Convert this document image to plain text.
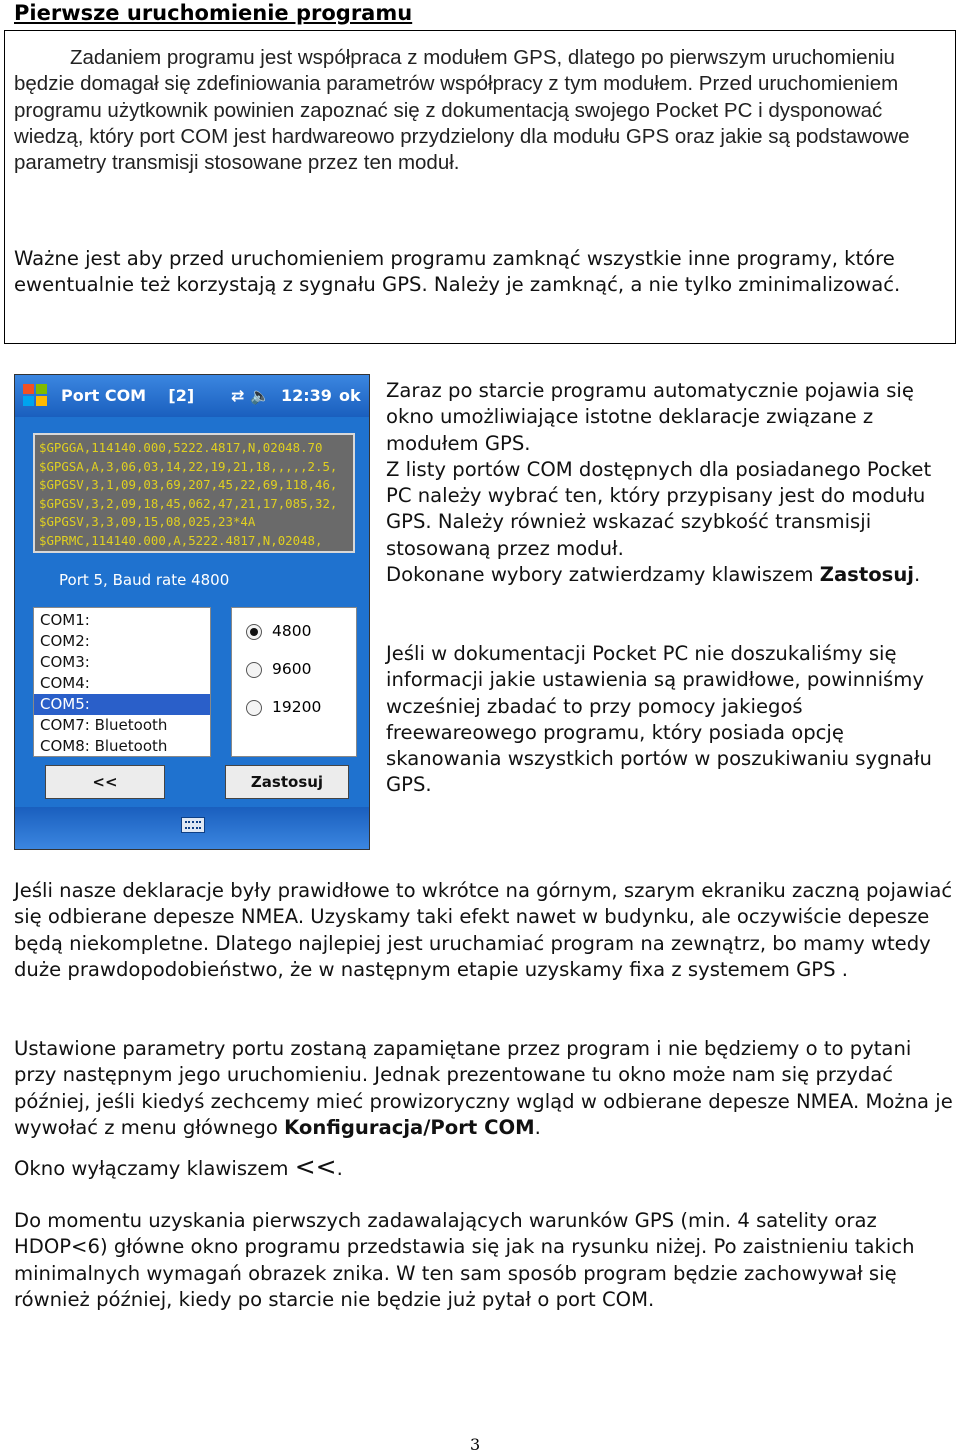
Pierwsze uruchomienie programu

Zadaniem programu jest współpraca z modułem GPS, dlatego po pierwszym uruchomieniu będzie domagał się zdefiniowania parametrów współpracy z tym modułem. Przed uruchomieniem programu użytkownik powinien zapoznać się z dokumentacją swojego Pocket PC i dysponować wiedzą, który port COM jest hardwareowo przydzielony dla modułu GPS oraz jakie są podstawowe parametry transmisji stosowane przez ten moduł.

Ważne jest aby przed uruchomieniem programu zamknąć wszystkie inne programy, które ewentualnie też korzystają z sygnału GPS. Należy je zamknąć, a nie tylko zminimalizować.

Port COM [2] ⇄🔈 12:39 ok
$GPGGA,114140.000,5222.4817,N,02048.70
$GPGSA,A,3,06,03,14,22,19,21,18,,,,,2.5,
$GPGSV,3,1,09,03,69,207,45,22,69,118,46,
$GPGSV,3,2,09,18,45,062,47,21,17,085,32,
$GPGSV,3,3,09,15,08,025,23*4A
$GPRMC,114140.000,A,5222.4817,N,02048,
Port 5, Baud rate 4800
COM1:
COM2:
COM3:
COM4:
COM5:
COM7: Bluetooth
COM8: Bluetooth
4800
9600
19200
<<	Zastosuj

Zaraz po starcie programu automatycznie pojawia się okno umożliwiające istotne deklaracje związane z modułem GPS.
Z listy portów COM dostępnych dla posiadanego Pocket PC należy wybrać ten, który przypisany jest do modułu GPS. Należy również wskazać szybkość transmisji stosowaną przez moduł.
Dokonane wybory zatwierdzamy klawiszem Zastosuj.

Jeśli w dokumentacji Pocket PC nie doszukaliśmy się informacji jakie ustawienia są prawidłowe, powinniśmy wcześniej zbadać to przy pomocy jakiegoś freewareowego programu, który posiada opcję skanowania wszystkich portów w poszukiwaniu sygnału GPS.

Jeśli nasze deklaracje były prawidłowe to wkrótce na górnym, szarym ekraniku zaczną pojawiać się odbierane depesze NMEA. Uzyskamy taki efekt nawet w budynku, ale oczywiście depesze będą niekompletne. Dlatego najlepiej jest uruchamiać program na zewnątrz, bo mamy wtedy duże prawdopodobieństwo, że w następnym etapie uzyskamy fixa z systemem GPS .

Ustawione parametry portu zostaną zapamiętane przez program i nie będziemy o to pytani przy następnym jego uruchomieniu. Jednak prezentowane tu okno może nam się przydać później, jeśli kiedyś zechcemy mieć prowizoryczny wgląd w odbierane depesze NMEA. Można je wywołać z menu głównego Konfiguracja/Port COM.

Okno wyłączamy klawiszem <<.

Do momentu uzyskania pierwszych zadawalających warunków GPS (min. 4 satelity oraz HDOP<6) główne okno programu przedstawia się jak na rysunku niżej. Po zaistnieniu takich minimalnych wymagań obrazek znika. W ten sam sposób program będzie zachowywał się również później, kiedy po starcie nie będzie już pytał o port COM.

3
